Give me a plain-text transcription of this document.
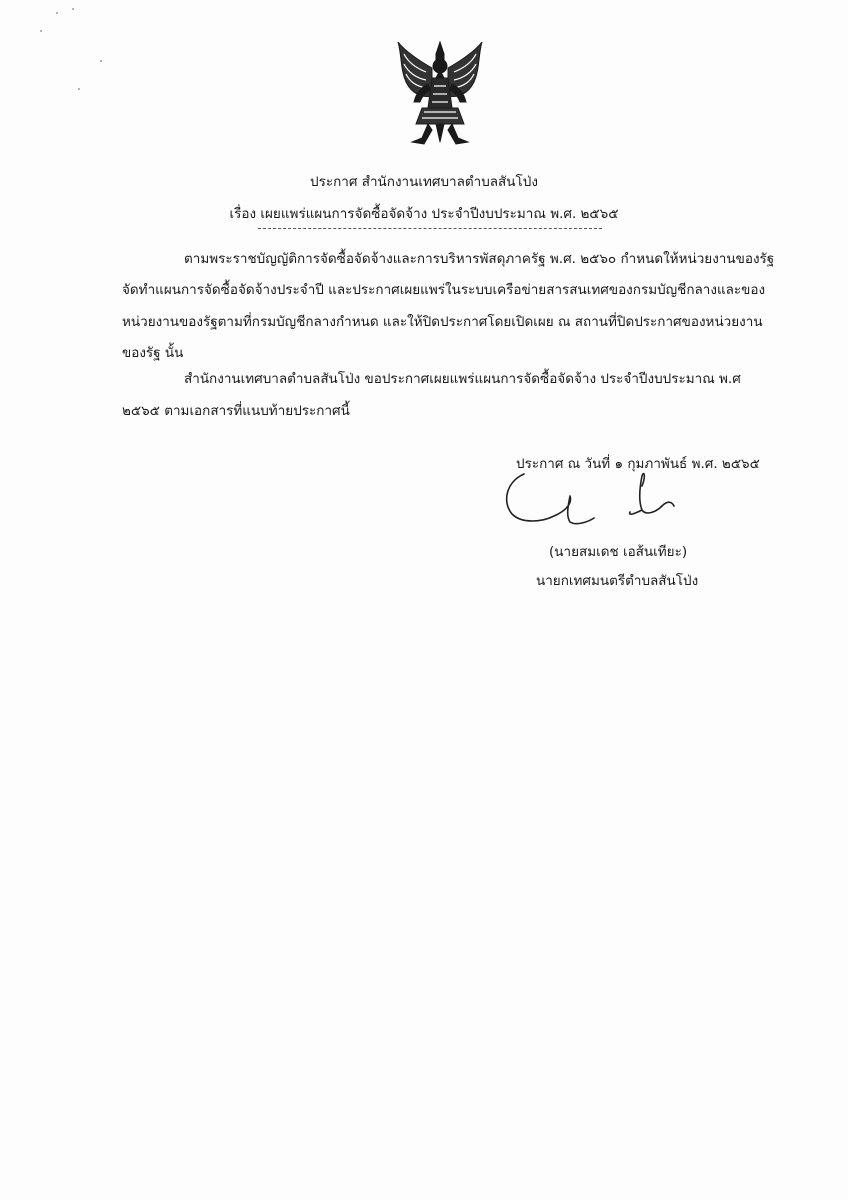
ประกาศ สำนักงานเทศบาลตำบลสันโป่ง
เรื่อง เผยแพร่แผนการจัดซื้อจัดจ้าง ประจำปีงบประมาณ พ.ศ. ๒๕๖๕
ตามพระราชบัญญัติการจัดซื้อจัดจ้างและการบริหารพัสดุภาครัฐ พ.ศ. ๒๕๖๐ กำหนดให้หน่วยงานของรัฐ
จัดทำแผนการจัดซื้อจัดจ้างประจำปี และประกาศเผยแพร่ในระบบเครือข่ายสารสนเทศของกรมบัญชีกลางและของ
หน่วยงานของรัฐตามที่กรมบัญชีกลางกำหนด และให้ปิดประกาศโดยเปิดเผย ณ สถานที่ปิดประกาศของหน่วยงาน
ของรัฐ นั้น
สำนักงานเทศบาลตำบลสันโป่ง ขอประกาศเผยแพร่แผนการจัดซื้อจัดจ้าง ประจำปีงบประมาณ พ.ศ
๒๕๖๕ ตามเอกสารที่แนบท้ายประกาศนี้
ประกาศ ณ วันที่ ๑ กุมภาพันธ์ พ.ศ. ๒๕๖๕
(นายสมเดช เอส้นเทียะ)
นายกเทศมนตรีตำบลสันโป่ง
